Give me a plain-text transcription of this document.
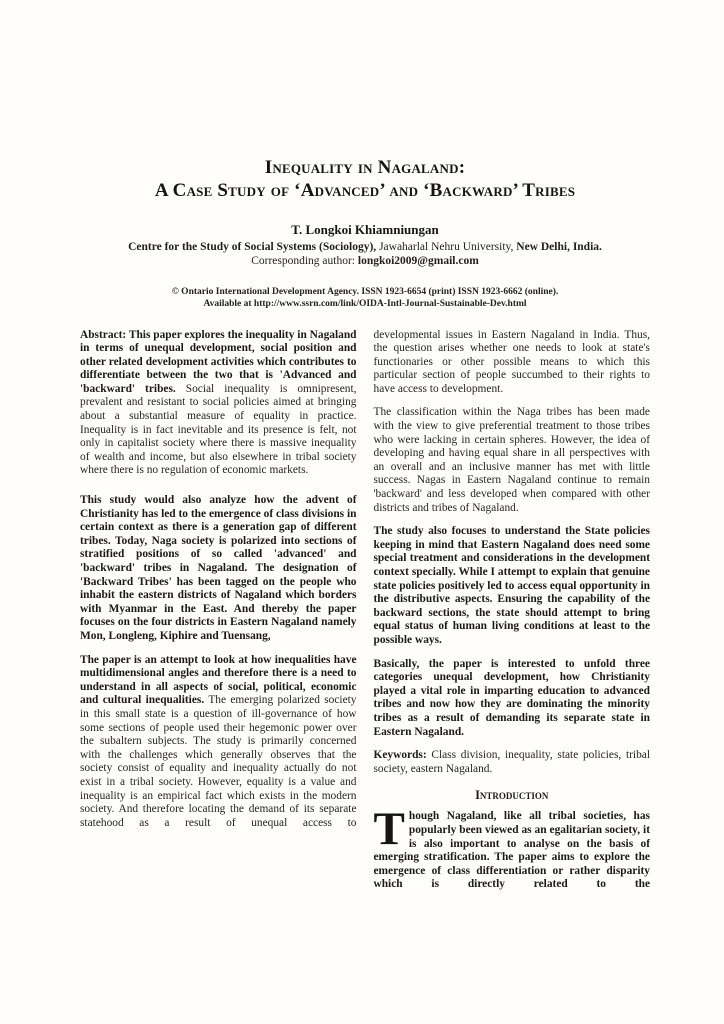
Inequality in Nagaland:
A Case Study of ‘Advanced’ and ‘Backward’ Tribes
T. Longkoi Khiamniungan
Centre for the Study of Social Systems (Sociology), Jawaharlal Nehru University, New Delhi, India.
Corresponding author: longkoi2009@gmail.com
© Ontario International Development Agency. ISSN 1923-6654 (print) ISSN 1923-6662 (online).
Available at http://www.ssrn.com/link/OIDA-Intl-Journal-Sustainable-Dev.html

Abstract: This paper explores the inequality in Nagaland in terms of unequal development, social position and other related development activities which contributes to differentiate between the two that is 'Advanced and 'backward' tribes. Social inequality is omnipresent, prevalent and resistant to social policies aimed at bringing about a substantial measure of equality in practice. Inequality is in fact inevitable and its presence is felt, not only in capitalist society where there is massive inequality of wealth and income, but also elsewhere in tribal society where there is no regulation of economic markets.

This study would also analyze how the advent of Christianity has led to the emergence of class divisions in certain context as there is a generation gap of different tribes. Today, Naga society is polarized into sections of stratified positions of so called 'advanced' and 'backward' tribes in Nagaland. The designation of 'Backward Tribes' has been tagged on the people who inhabit the eastern districts of Nagaland which borders with Myanmar in the East. And thereby the paper focuses on the four districts in Eastern Nagaland namely Mon, Longleng, Kiphire and Tuensang,

The paper is an attempt to look at how inequalities have multidimensional angles and therefore there is a need to understand in all aspects of social, political, economic and cultural inequalities. The emerging polarized society in this small state is a question of ill-governance of how some sections of people used their hegemonic power over the subaltern subjects. The study is primarily concerned with the challenges which generally observes that the society consist of equality and inequality actually do not exist in a tribal society. However, equality is a value and inequality is an empirical fact which exists in the modern society. And therefore locating the demand of its separate statehood as a result of unequal access to

developmental issues in Eastern Nagaland in India. Thus, the question arises whether one needs to look at state's functionaries or other possible means to which this particular section of people succumbed to their rights to have access to development.

The classification within the Naga tribes has been made with the view to give preferential treatment to those tribes who were lacking in certain spheres. However, the idea of developing and having equal share in all perspectives with an overall and an inclusive manner has met with little success. Nagas in Eastern Nagaland continue to remain 'backward' and less developed when compared with other districts and tribes of Nagaland.

The study also focuses to understand the State policies keeping in mind that Eastern Nagaland does need some special treatment and considerations in the development context specially. While I attempt to explain that genuine state policies positively led to access equal opportunity in the distributive aspects. Ensuring the capability of the backward sections, the state should attempt to bring equal status of human living conditions at least to the possible ways.

Basically, the paper is interested to unfold three categories unequal development, how Christianity played a vital role in imparting education to advanced tribes and now how they are dominating the minority tribes as a result of demanding its separate state in Eastern Nagaland.

Keywords: Class division, inequality, state policies, tribal society, eastern Nagaland.

Introduction

Though Nagaland, like all tribal societies, has popularly been viewed as an egalitarian society, it is also important to analyse on the basis of emerging stratification. The paper aims to explore the emergence of class differentiation or rather disparity which is directly related to the
